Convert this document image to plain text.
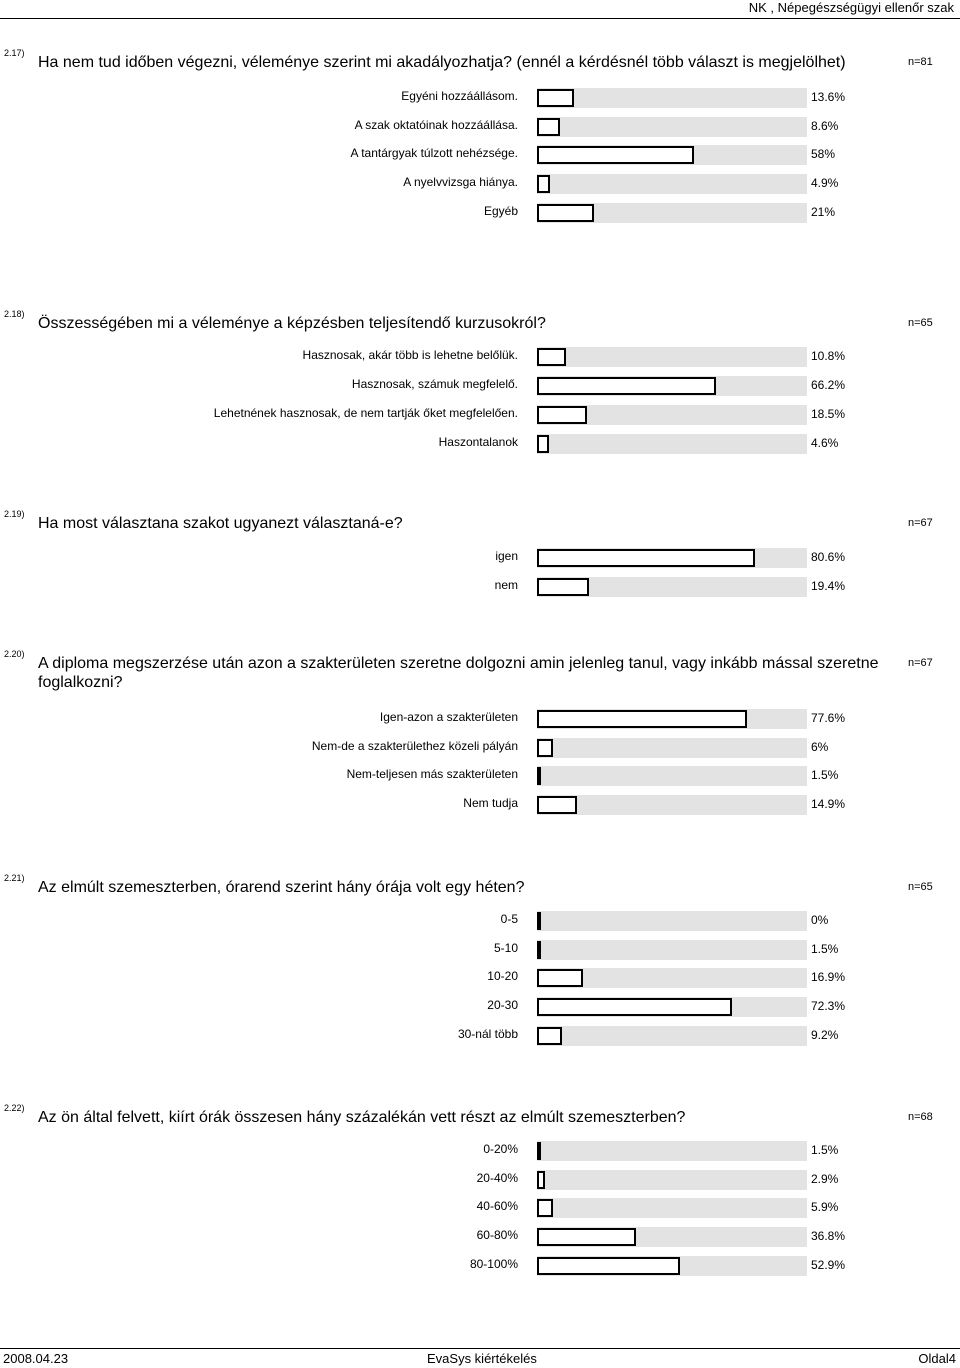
NK , Népegészségügyi ellenőr szak
2.17)
Ha nem tud időben végezni, véleménye szerint mi akadályozhatja? (ennél a kérdésnél több választ is megjelölhet)	n=81
Egyéni hozzáállásom.	13.6%
A szak oktatóinak hozzáállása.	8.6%
A tantárgyak túlzott nehézsége.	58%
A nyelvvizsga hiánya.	4.9%
Egyéb	21%
2.18)
Összességében mi a véleménye a képzésben teljesítendő kurzusokról?	n=65
Hasznosak, akár több is lehetne belőlük.	10.8%
Hasznosak, számuk megfelelő.	66.2%
Lehetnének hasznosak, de nem tartják őket megfelelően.	18.5%
Haszontalanok	4.6%
2.19)
Ha most választana szakot ugyanezt választaná-e?	n=67
igen	80.6%
nem	19.4%
2.20)
A diploma megszerzése után azon a szakterületen szeretne dolgozni amin jelenleg tanul, vagy inkább mással szeretne foglalkozni?
n=67
Igen-azon a szakterületen	77.6%
Nem-de a szakterülethez közeli pályán	6%
Nem-teljesen más szakterületen	1.5%
Nem tudja	14.9%
2.21)
Az elmúlt szemeszterben, órarend szerint hány órája volt egy héten?	n=65
0-5	0%
5-10	1.5%
10-20	16.9%
20-30	72.3%
30-nál több	9.2%
2.22)
Az ön által felvett, kiírt órák összesen hány százalékán vett részt az elmúlt szemeszterben?	n=68
0-20%	1.5%
20-40%	2.9%
40-60%	5.9%
60-80%	36.8%
80-100%	52.9%
2008.04.23	EvaSys kiértékelés	Oldal4
